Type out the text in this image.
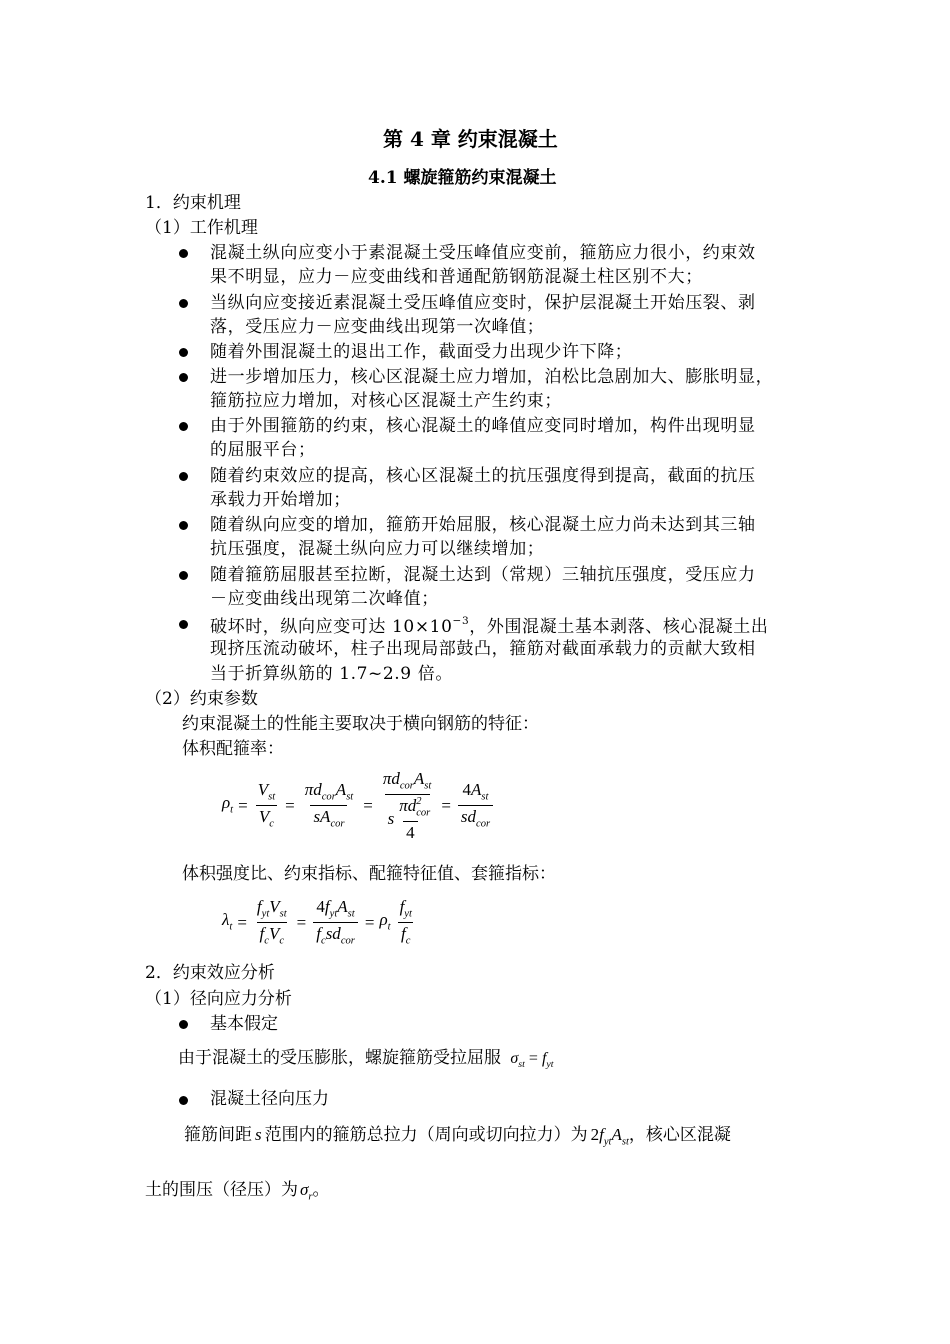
第 4 章 约束混凝土
4.1 螺旋箍筋约束混凝土
1．约束机理
（1）工作机理
混凝土纵向应变小于素混凝土受压峰值应变前，箍筋应力很小，约束效
果不明显，应力－应变曲线和普通配筋钢筋混凝土柱区别不大；
当纵向应变接近素混凝土受压峰值应变时，保护层混凝土开始压裂、剥
落，受压应力－应变曲线出现第一次峰值；
随着外围混凝土的退出工作，截面受力出现少许下降；
进一步增加压力，核心区混凝土应力增加，泊松比急剧加大、膨胀明显，
箍筋拉应力增加，对核心区混凝土产生约束；
由于外围箍筋的约束，核心混凝土的峰值应变同时增加，构件出现明显
的屈服平台；
随着约束效应的提高，核心区混凝土的抗压强度得到提高，截面的抗压
承载力开始增加；
随着纵向应变的增加，箍筋开始屈服，核心混凝土应力尚未达到其三轴
抗压强度，混凝土纵向应力可以继续增加；
随着箍筋屈服甚至拉断，混凝土达到（常规）三轴抗压强度，受压应力
－应变曲线出现第二次峰值；
破坏时，纵向应变可达 $10\times 10^{-3}$，外围混凝土基本剥落、核心混凝土出
现挤压流动破坏，柱子出现局部鼓凸，箍筋对截面承载力的贡献大致相
当于折算纵筋的 1.7~2.9 倍。
（2）约束参数
约束混凝土的性能主要取决于横向钢筋的特征：
体积配箍率：
$\rho_t = \frac{V_{st}}{V_c} = \frac{\pi d_{cor}A_{st}}{sA_{cor}} = \frac{\pi d_{cor}A_{st}}{s \frac{\pi d_{cor}^2}{4}} = \frac{4A_{st}}{sd_{cor}}$
体积强度比、约束指标、配箍特征值、套箍指标：
$\lambda_t = \frac{f_{yt}V_{st}}{f_cV_c} = \frac{4f_{yt}A_{st}}{f_csd_{cor}} = \rho_t \frac{f_{yt}}{f_c}$
2．约束效应分析
（1）径向应力分析
基本假定
由于混凝土的受压膨胀，螺旋箍筋受拉屈服 $\sigma_{st} = f_{yt}$
混凝土径向压力
箍筋间距 s 范围内的箍筋总拉力（周向或切向拉力）为 $2f_{yt}A_{st}$，核心区混凝
土的围压（径压）为 $\sigma_r$。
